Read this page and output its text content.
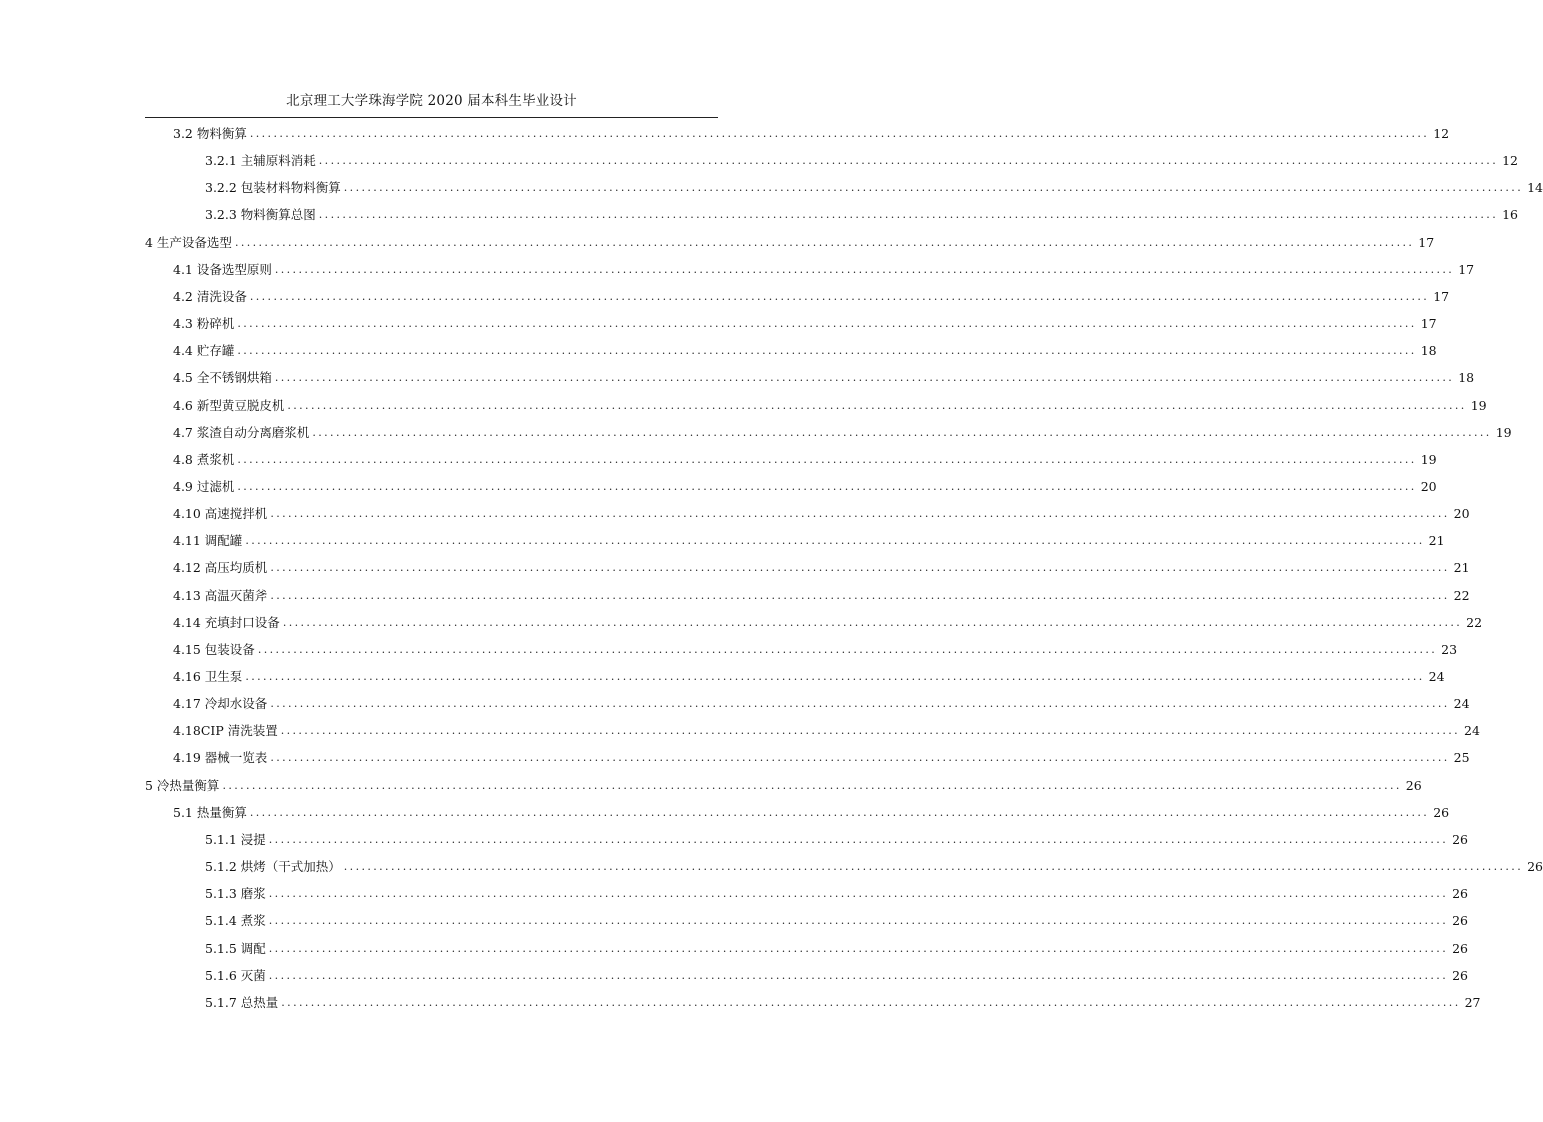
北京理工大学珠海学院 2020 届本科生毕业设计
3.2 物料衡算 ........................................................................................................................................................................................................ 12
3.2.1 主辅原料消耗 ........................................................................................................................................................................................................ 12
3.2.2 包装材料物料衡算 ........................................................................................................................................................................................................ 14
3.2.3 物料衡算总图 ........................................................................................................................................................................................................ 16
4 生产设备选型 ........................................................................................................................................................................................................ 17
4.1 设备选型原则 ........................................................................................................................................................................................................ 17
4.2 清洗设备 ........................................................................................................................................................................................................ 17
4.3 粉碎机 ........................................................................................................................................................................................................ 17
4.4 贮存罐 ........................................................................................................................................................................................................ 18
4.5 全不锈钢烘箱 ........................................................................................................................................................................................................ 18
4.6 新型黄豆脱皮机 ........................................................................................................................................................................................................ 19
4.7 浆渣自动分离磨浆机 ........................................................................................................................................................................................................ 19
4.8 煮浆机 ........................................................................................................................................................................................................ 19
4.9 过滤机 ........................................................................................................................................................................................................ 20
4.10 高速搅拌机 ........................................................................................................................................................................................................ 20
4.11 调配罐 ........................................................................................................................................................................................................ 21
4.12 高压均质机 ........................................................................................................................................................................................................ 21
4.13 高温灭菌斧 ........................................................................................................................................................................................................ 22
4.14 充填封口设备 ........................................................................................................................................................................................................ 22
4.15 包装设备 ........................................................................................................................................................................................................ 23
4.16 卫生泵 ........................................................................................................................................................................................................ 24
4.17 冷却水设备 ........................................................................................................................................................................................................ 24
4.18CIP 清洗装置 ........................................................................................................................................................................................................ 24
4.19 器械一览表 ........................................................................................................................................................................................................ 25
5 冷热量衡算 ........................................................................................................................................................................................................ 26
5.1 热量衡算 ........................................................................................................................................................................................................ 26
5.1.1 浸提 ........................................................................................................................................................................................................ 26
5.1.2 烘烤（干式加热） ........................................................................................................................................................................................................ 26
5.1.3 磨浆 ........................................................................................................................................................................................................ 26
5.1.4 煮浆 ........................................................................................................................................................................................................ 26
5.1.5 调配 ........................................................................................................................................................................................................ 26
5.1.6 灭菌 ........................................................................................................................................................................................................ 26
5.1.7 总热量 ........................................................................................................................................................................................................ 27
